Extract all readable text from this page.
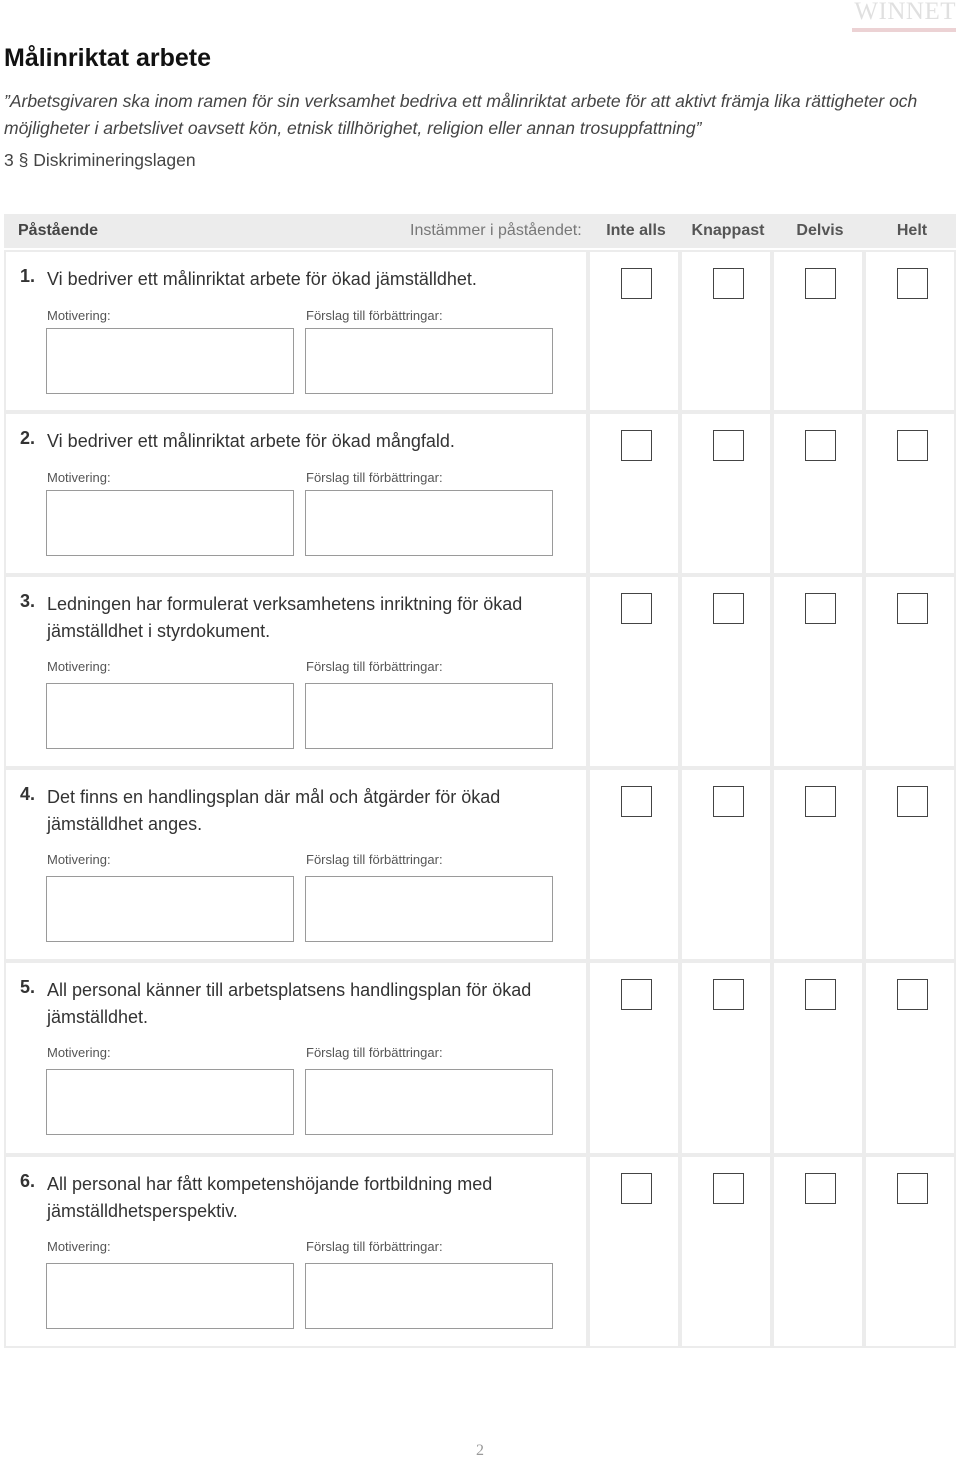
WINNET
Målinriktat arbete

”Arbetsgivaren ska inom ramen för sin verksamhet bedriva ett målinriktat arbete för att aktivt främja lika rättigheter och möjligheter i arbetslivet oavsett kön, etnisk tillhörighet, religion eller annan trosuppfattning”

3 § Diskrimineringslagen
Påstående	Instämmer i påståendet:	Inte alls	Knappast	Delvis	Helt
1. Vi bedriver ett målinriktat arbete för ökad jämställdhet.
Motivering:	Förslag till förbättringar:
2. Vi bedriver ett målinriktat arbete för ökad mångfald.
Motivering:	Förslag till förbättringar:
3. Ledningen har formulerat verksamhetens inriktning för ökad jämställdhet i styrdokument.
Motivering:	Förslag till förbättringar:
4. Det finns en handlingsplan där mål och åtgärder för ökad jämställdhet anges.
Motivering:	Förslag till förbättringar:
5. All personal känner till arbetsplatsens handlingsplan för ökad jämställdhet.
Motivering:	Förslag till förbättringar:
6. All personal har fått kompetenshöjande fortbildning med jämställdhetsperspektiv.
Motivering:	Förslag till förbättringar:
2
